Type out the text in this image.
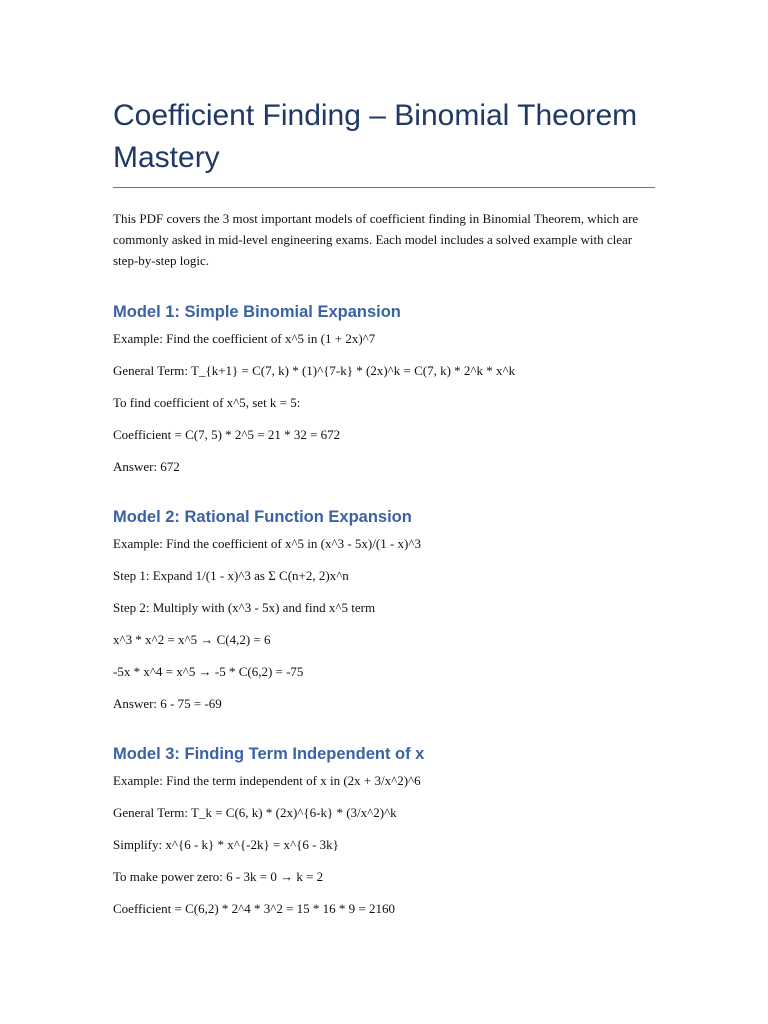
Coefficient Finding – Binomial Theorem Mastery

This PDF covers the 3 most important models of coefficient finding in Binomial Theorem, which are commonly asked in mid-level engineering exams. Each model includes a solved example with clear step-by-step logic.

Model 1: Simple Binomial Expansion

Example: Find the coefficient of x^5 in (1 + 2x)^7

General Term: T_{k+1} = C(7, k) * (1)^{7-k} * (2x)^k = C(7, k) * 2^k * x^k

To find coefficient of x^5, set k = 5:

Coefficient = C(7, 5) * 2^5 = 21 * 32 = 672

Answer: 672

Model 2: Rational Function Expansion

Example: Find the coefficient of x^5 in (x^3 - 5x)/(1 - x)^3

Step 1: Expand 1/(1 - x)^3 as Σ C(n+2, 2)x^n

Step 2: Multiply with (x^3 - 5x) and find x^5 term

x^3 * x^2 = x^5 → C(4,2) = 6

-5x * x^4 = x^5 → -5 * C(6,2) = -75

Answer: 6 - 75 = -69

Model 3: Finding Term Independent of x

Example: Find the term independent of x in (2x + 3/x^2)^6

General Term: T_k = C(6, k) * (2x)^{6-k} * (3/x^2)^k

Simplify: x^{6 - k} * x^{-2k} = x^{6 - 3k}

To make power zero: 6 - 3k = 0 → k = 2

Coefficient = C(6,2) * 2^4 * 3^2 = 15 * 16 * 9 = 2160
